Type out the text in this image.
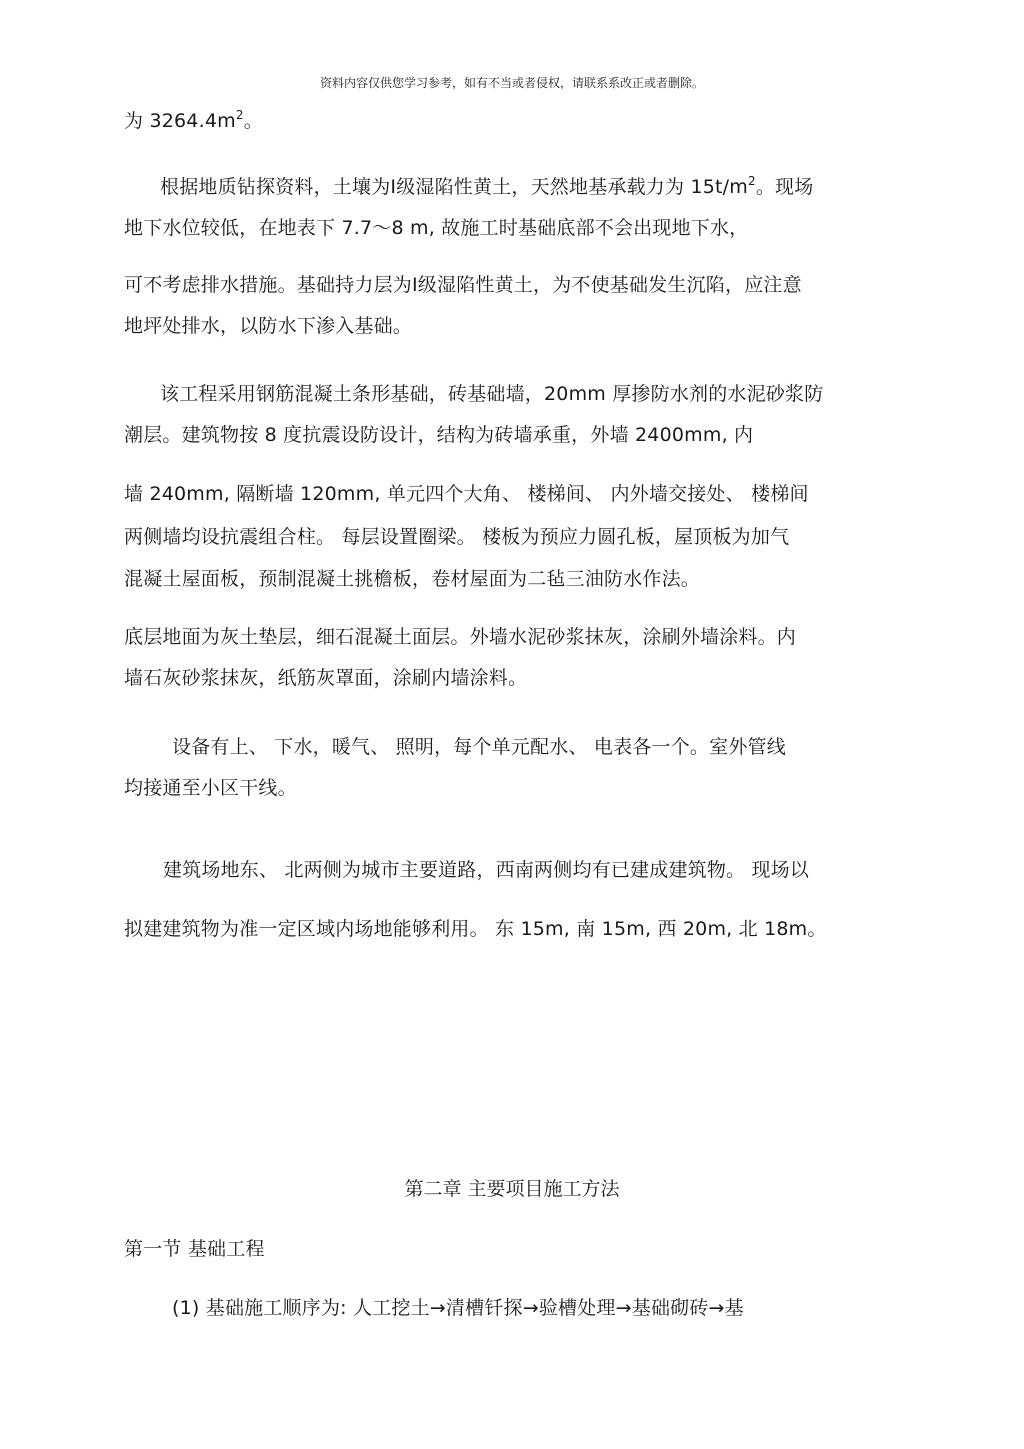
资料内容仅供您学习参考，如有不当或者侵权，请联系系改正或者删除。
为 $3264.4m^2$。
根据地质钻探资料，土壤为Ⅰ级湿陷性黄土，天然地基承载力为 $15t/m^2$。现场
地下水位较低，在地表下 7.7～8 m, 故施工时基础底部不会出现地下水，
可不考虑排水措施。基础持力层为Ⅰ级湿陷性黄土，为不使基础发生沉陷，应注意
地坪处排水，以防水下渗入基础。
该工程采用钢筋混凝土条形基础，砖基础墙，20mm 厚掺防水剂的水泥砂浆防
潮层。建筑物按 8 度抗震设防设计，结构为砖墙承重，外墙 2400mm, 内
墙 240mm, 隔断墙 120mm, 单元四个大角、 楼梯间、 内外墙交接处、 楼梯间
两侧墙均设抗震组合柱。 每层设置圈梁。 楼板为预应力圆孔板，屋顶板为加气
混凝土屋面板，预制混凝土挑檐板，卷材屋面为二毡三油防水作法。
底层地面为灰土垫层，细石混凝土面层。外墙水泥砂浆抹灰，涂刷外墙涂料。内
墙石灰砂浆抹灰，纸筋灰罩面，涂刷内墙涂料。
设备有上、 下水，暖气、 照明，每个单元配水、 电表各一个。室外管线
均接通至小区干线。
建筑场地东、 北两侧为城市主要道路，西南两侧均有已建成建筑物。 现场以
拟建建筑物为准一定区域内场地能够利用。 东 15m, 南 15m, 西 20m, 北 18m。
第二章 主要项目施工方法
第一节 基础工程
(1) 基础施工顺序为: 人工挖土→清槽钎探→验槽处理→基础砌砖→基
